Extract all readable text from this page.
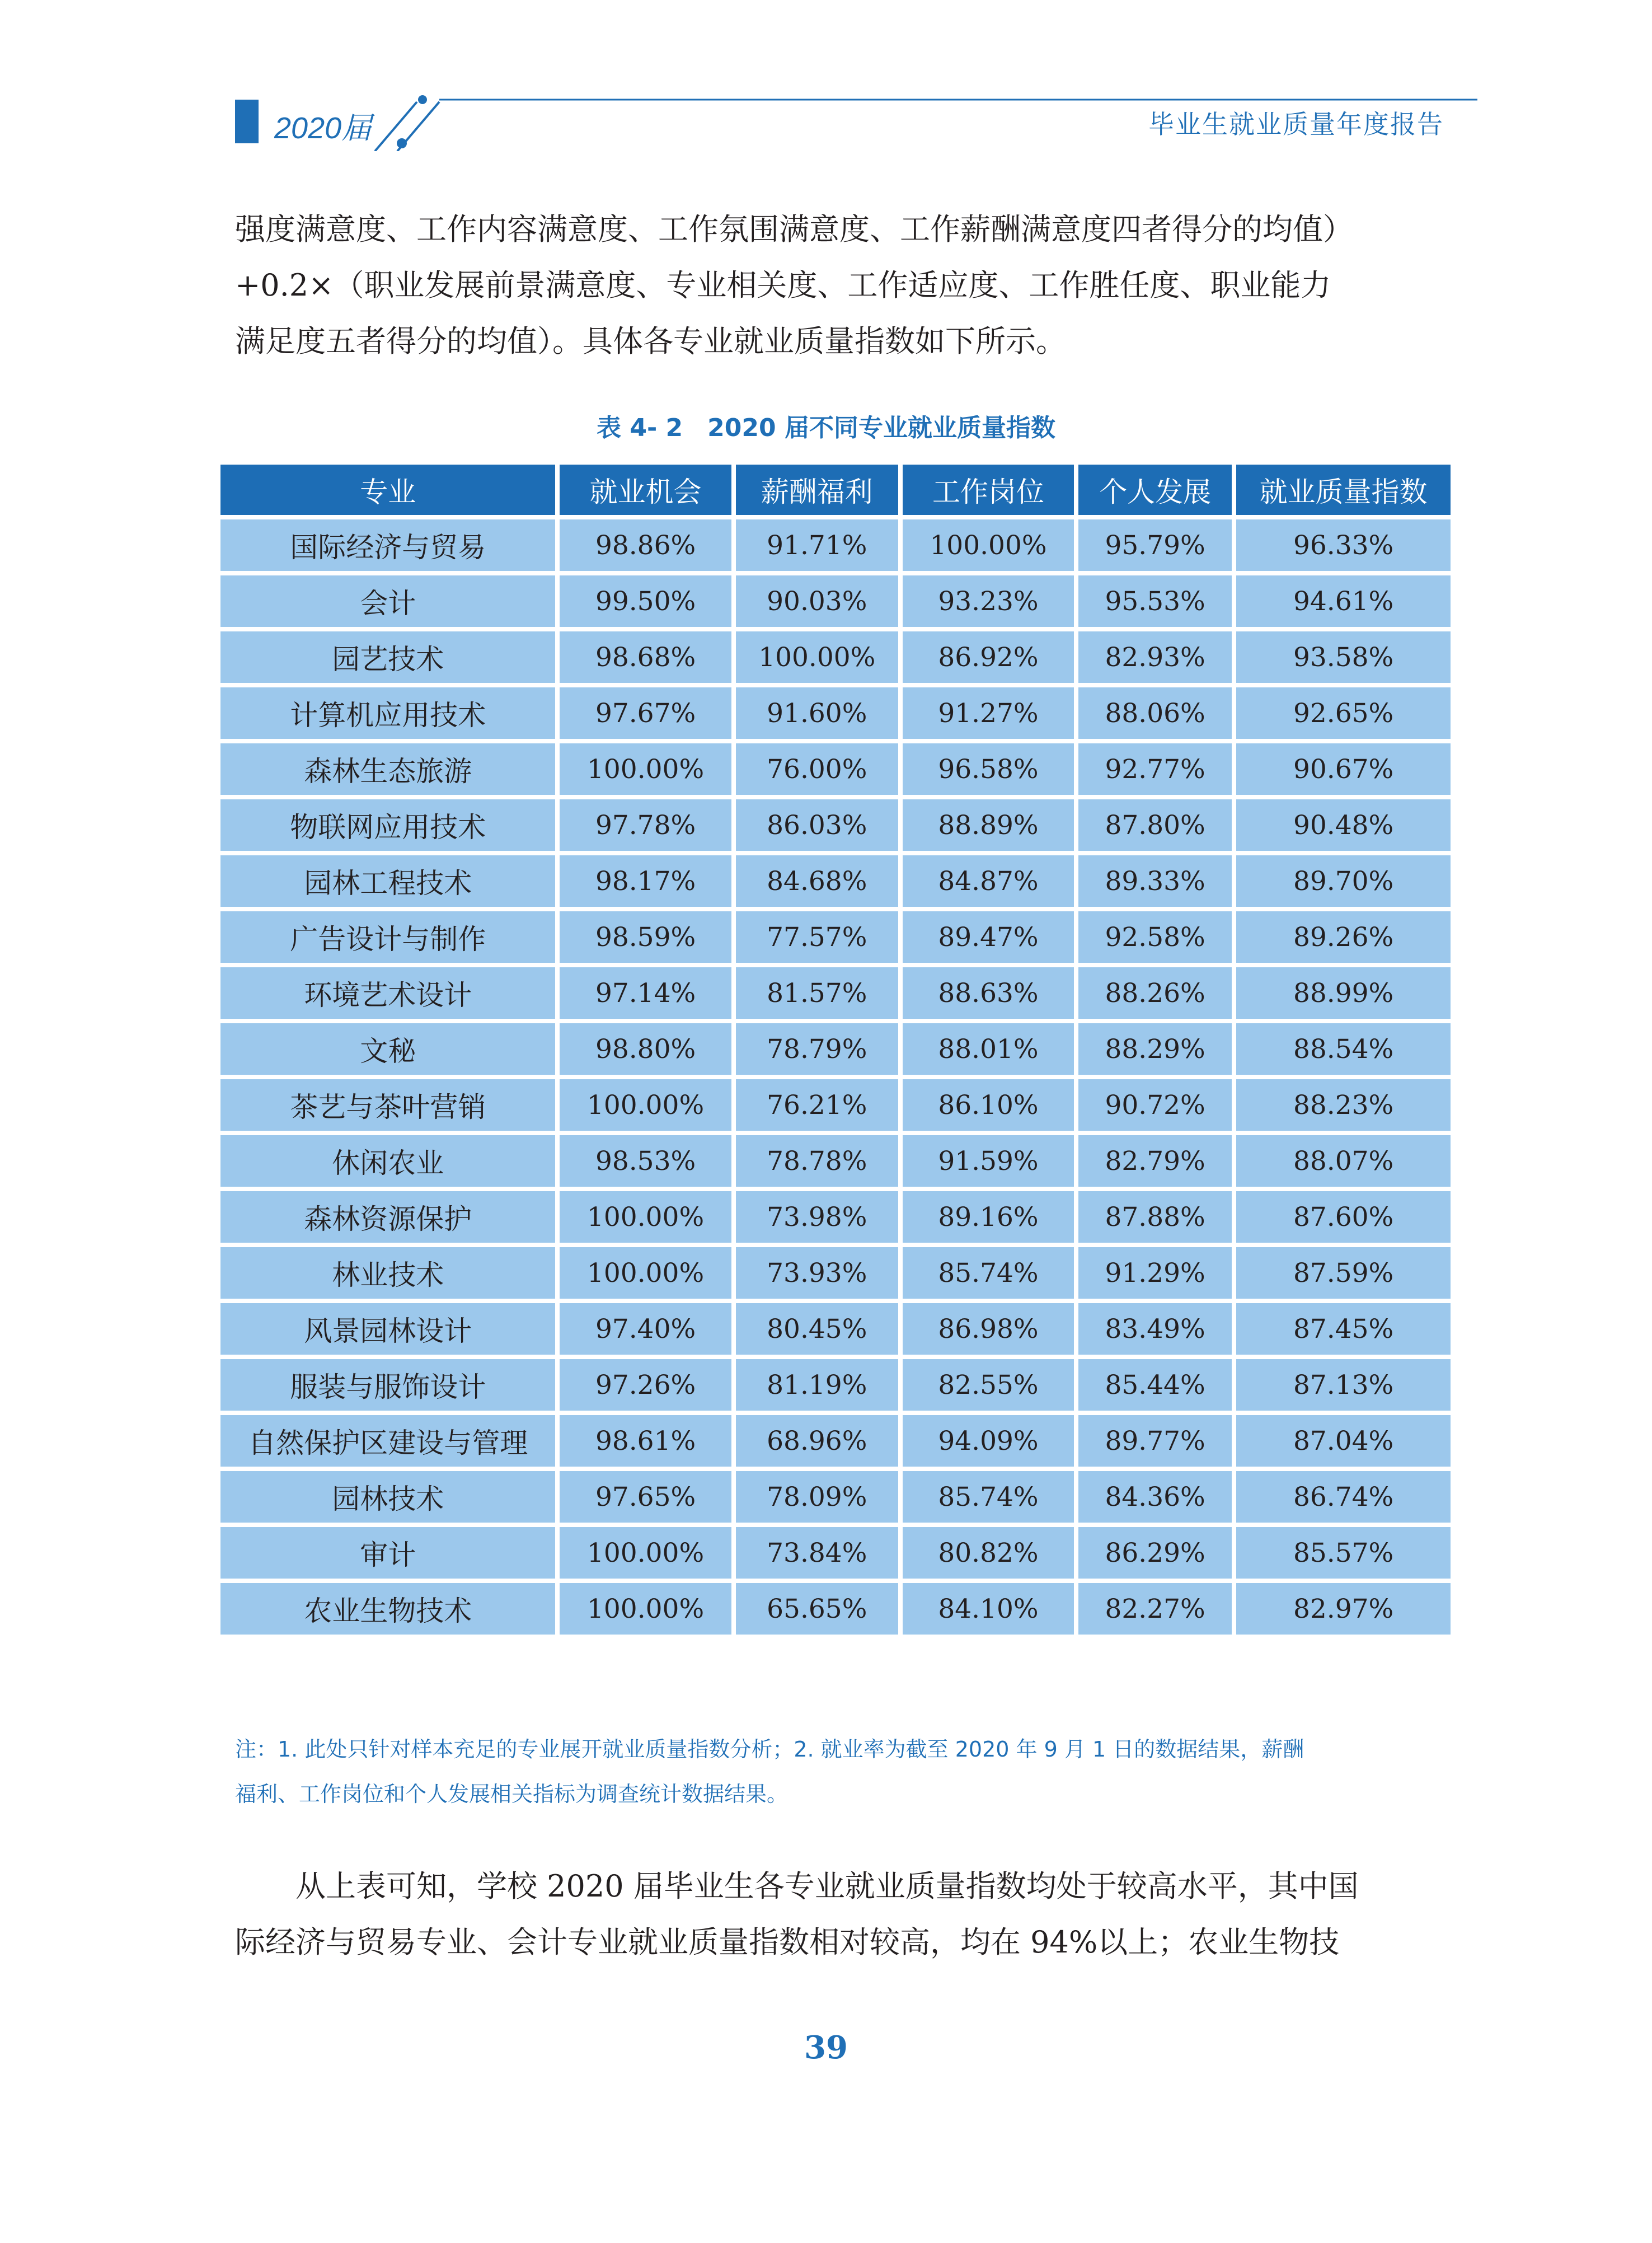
2020届	毕业生就业质量年度报告

强度满意度、工作内容满意度、工作氛围满意度、工作薪酬满意度四者得分的均值）

+0.2×（职业发展前景满意度、专业相关度、工作适应度、工作胜任度、职业能力

满足度五者得分的均值）。具体各专业就业质量指数如下所示。

表 4- 2　2020 届不同专业就业质量指数
专业	就业机会	薪酬福利	工作岗位	个人发展	就业质量指数
国际经济与贸易	98.86%	91.71%	100.00%	95.79%	96.33%
会计	99.50%	90.03%	93.23%	95.53%	94.61%
园艺技术	98.68%	100.00%	86.92%	82.93%	93.58%
计算机应用技术	97.67%	91.60%	91.27%	88.06%	92.65%
森林生态旅游	100.00%	76.00%	96.58%	92.77%	90.67%
物联网应用技术	97.78%	86.03%	88.89%	87.80%	90.48%
园林工程技术	98.17%	84.68%	84.87%	89.33%	89.70%
广告设计与制作	98.59%	77.57%	89.47%	92.58%	89.26%
环境艺术设计	97.14%	81.57%	88.63%	88.26%	88.99%
文秘	98.80%	78.79%	88.01%	88.29%	88.54%
茶艺与茶叶营销	100.00%	76.21%	86.10%	90.72%	88.23%
休闲农业	98.53%	78.78%	91.59%	82.79%	88.07%
森林资源保护	100.00%	73.98%	89.16%	87.88%	87.60%
林业技术	100.00%	73.93%	85.74%	91.29%	87.59%
风景园林设计	97.40%	80.45%	86.98%	83.49%	87.45%
服装与服饰设计	97.26%	81.19%	82.55%	85.44%	87.13%
自然保护区建设与管理	98.61%	68.96%	94.09%	89.77%	87.04%
园林技术	97.65%	78.09%	85.74%	84.36%	86.74%
审计	100.00%	73.84%	80.82%	86.29%	85.57%
农业生物技术	100.00%	65.65%	84.10%	82.27%	82.97%

注：1. 此处只针对样本充足的专业展开就业质量指数分析；2. 就业率为截至 2020 年 9 月 1 日的数据结果，薪酬

福利、工作岗位和个人发展相关指标为调查统计数据结果。

从上表可知，学校 2020 届毕业生各专业就业质量指数均处于较高水平，其中国

际经济与贸易专业、会计专业就业质量指数相对较高，均在 94%以上；农业生物技

39
